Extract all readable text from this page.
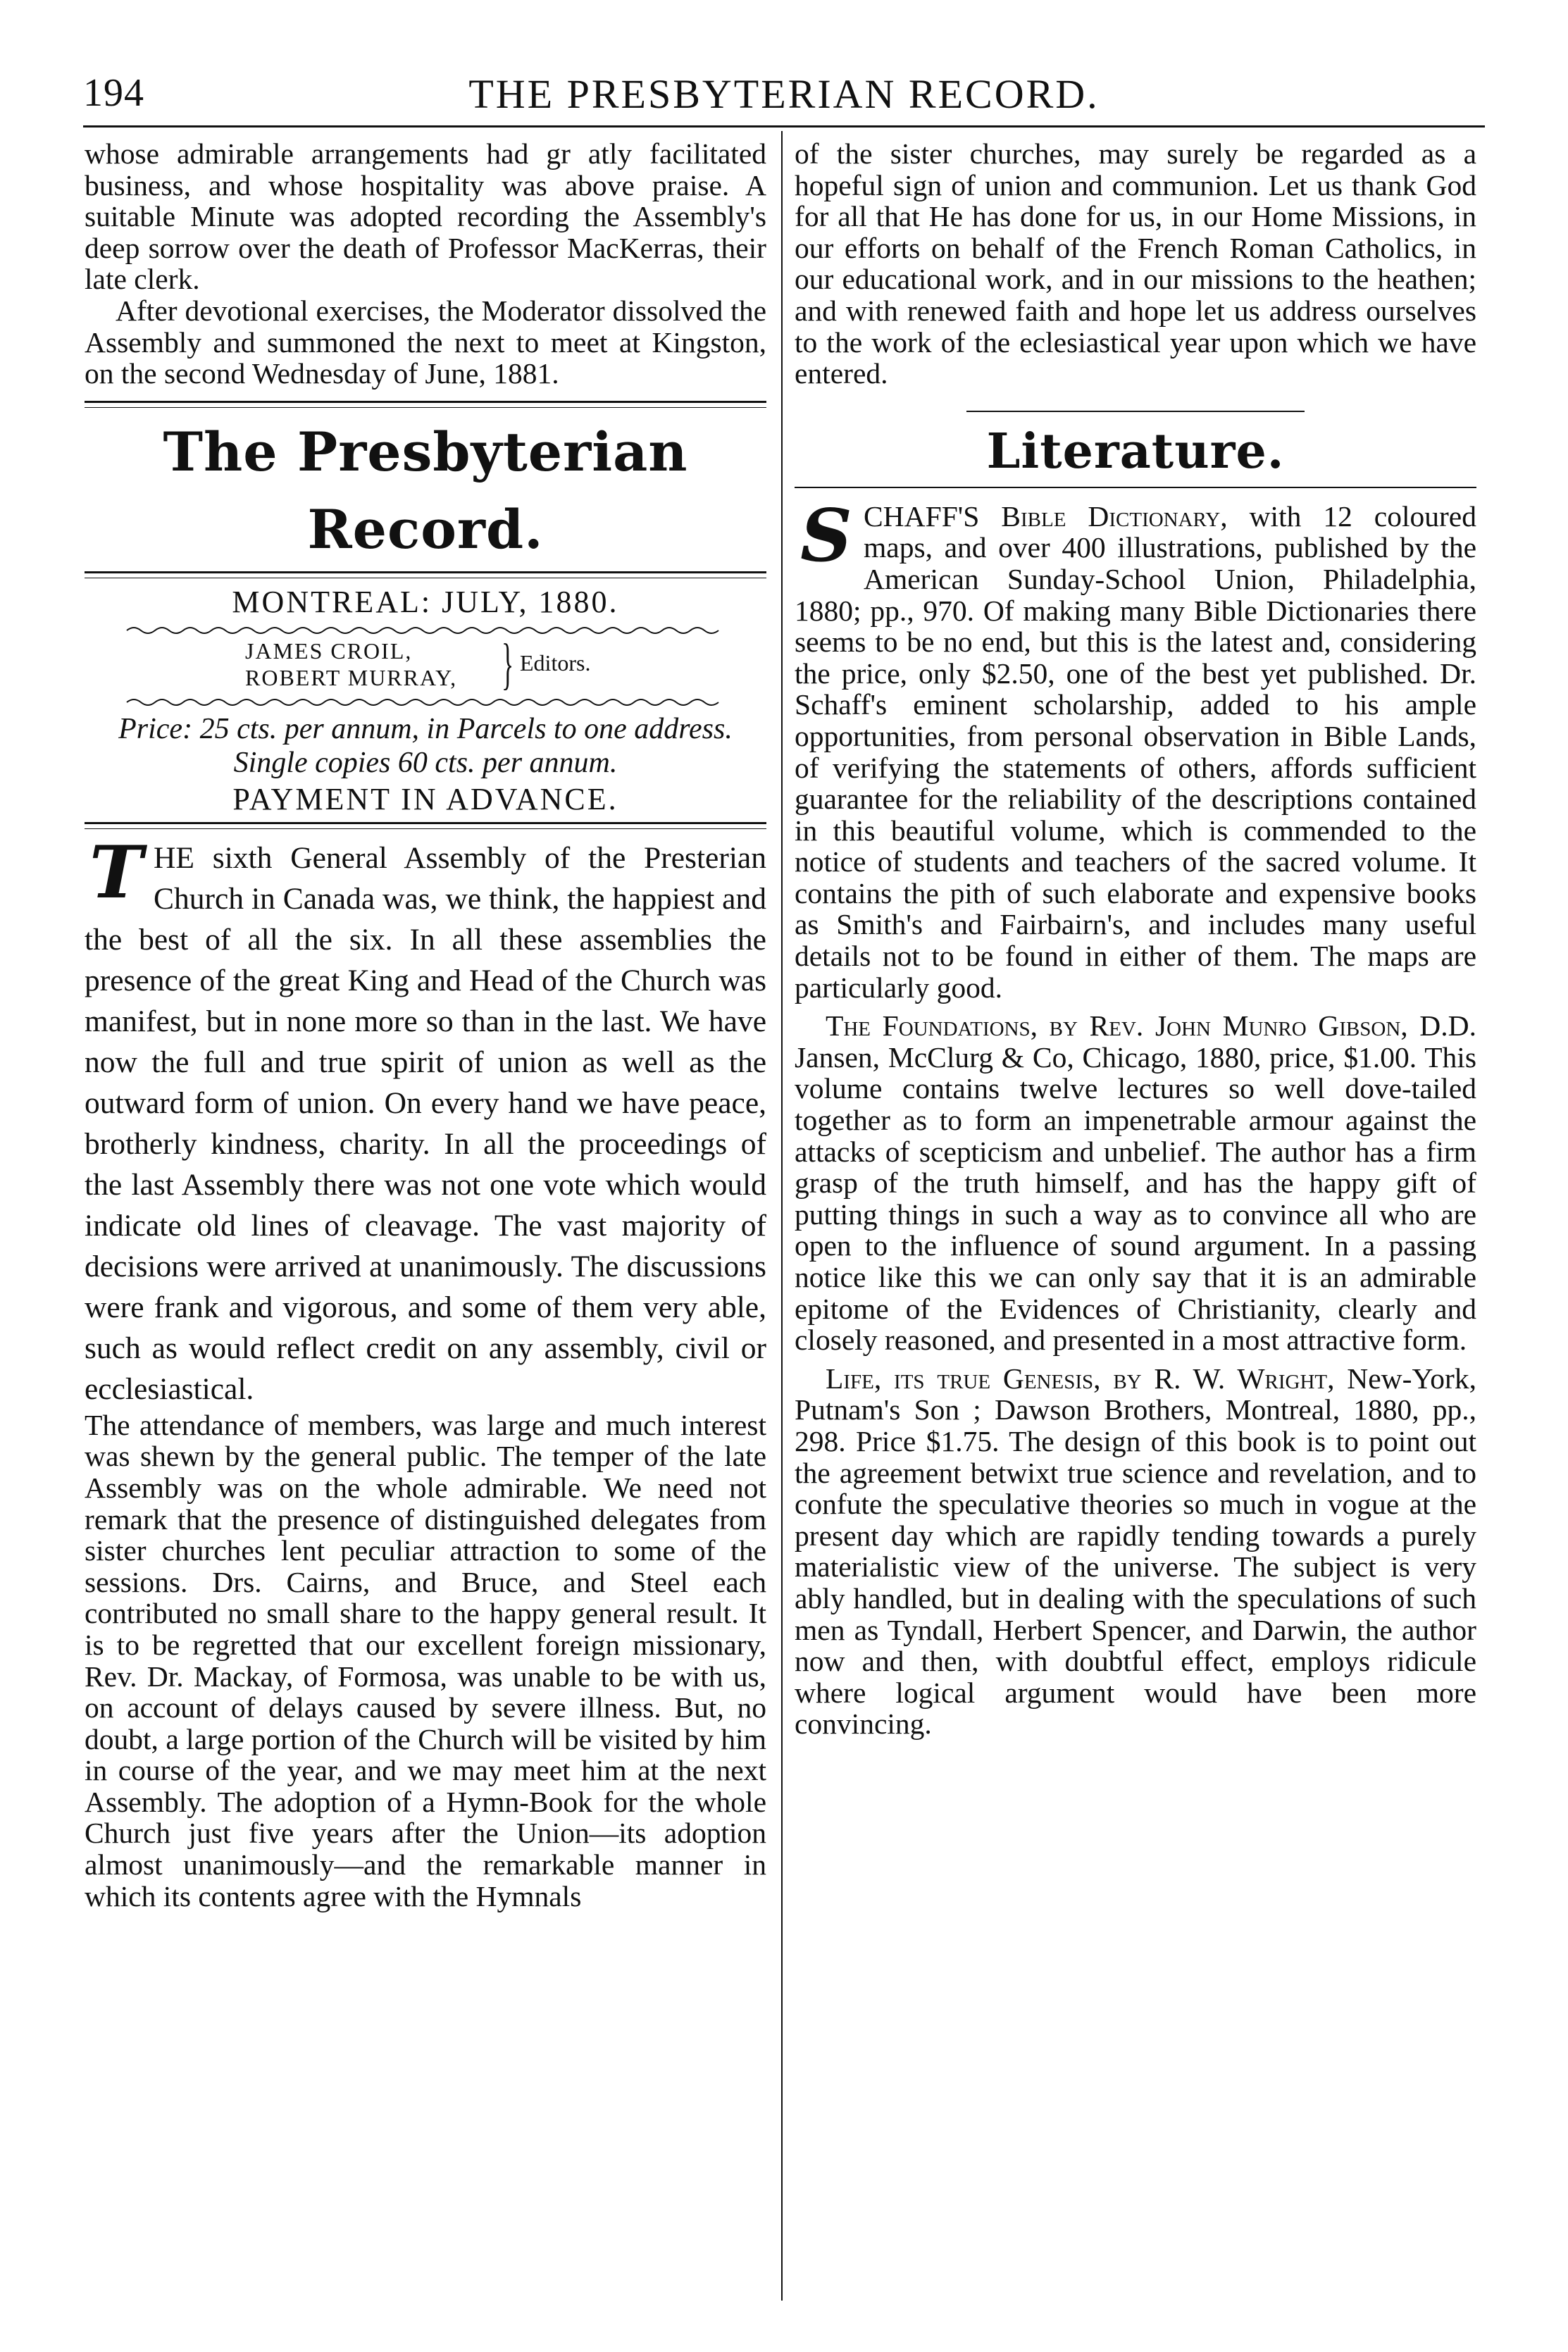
194	THE PRESBYTERIAN RECORD.

whose admirable arrangements had gr atly facilitated business, and whose hospitality was above praise. A suitable Minute was adopted recording the Assembly's deep sorrow over the death of Professor MacKerras, their late clerk.

After devotional exercises, the Moderator dissolved the Assembly and summoned the next to meet at Kingston, on the second Wednesday of June, 1881.

The Presbyterian Record.
MONTREAL: JULY, 1880.
JAMES CROIL,
ROBERT MURRAY, } Editors.

Price: 25 cts. per annum, in Parcels to one address. Single copies 60 cts. per annum.

PAYMENT IN ADVANCE.
T HE sixth General Assembly of the Presterian Church in Canada was, we think, the happiest and the best of all the six. In all these assemblies the presence of the great King and Head of the Church was manifest, but in none more so than in the last. We have now the full and true spirit of union as well as the outward form of union. On every hand we have peace, brotherly kindness, charity. In all the proceedings of the last Assembly there was not one vote which would indicate old lines of cleavage. The vast majority of decisions were arrived at unanimously. The discussions were frank and vigorous, and some of them very able, such as would reflect credit on any assembly, civil or ecclesiastical.

The attendance of members, was large and much interest was shewn by the general public. The temper of the late Assembly was on the whole admirable. We need not remark that the presence of distinguished delegates from sister churches lent peculiar attraction to some of the sessions. Drs. Cairns, and Bruce, and Steel each contributed no small share to the happy general result. It is to be regretted that our excellent foreign missionary, Rev. Dr. Mackay, of Formosa, was unable to be with us, on account of delays caused by severe illness. But, no doubt, a large portion of the Church will be visited by him in course of the year, and we may meet him at the next Assembly. The adoption of a Hymn-Book for the whole Church just five years after the Union—its adoption almost unanimously—and the remarkable manner in which its contents agree with the Hymnals

of the sister churches, may surely be regarded as a hopeful sign of union and communion. Let us thank God for all that He has done for us, in our Home Missions, in our efforts on behalf of the French Roman Catholics, in our educational work, and in our missions to the heathen; and with renewed faith and hope let us address ourselves to the work of the eclesiastical year upon which we have entered.

Literature.
S CHAFF'S Bible Dictionary, with 12 coloured maps, and over 400 illustrations, published by the American Sunday-School Union, Philadelphia, 1880; pp., 970. Of making many Bible Dictionaries there seems to be no end, but this is the latest and, considering the price, only $2.50, one of the best yet published. Dr. Schaff's eminent scholarship, added to his ample opportunities, from personal observation in Bible Lands, of verifying the statements of others, affords sufficient guarantee for the reliability of the descriptions contained in this beautiful volume, which is commended to the notice of students and teachers of the sacred volume. It contains the pith of such elaborate and expensive books as Smith's and Fairbairn's, and includes many useful details not to be found in either of them. The maps are particularly good.

The Foundations, by Rev. John Munro Gibson, D.D. Jansen, McClurg & Co, Chicago, 1880, price, $1.00. This volume contains twelve lectures so well dove-tailed together as to form an impenetrable armour against the attacks of scepticism and unbelief. The author has a firm grasp of the truth himself, and has the happy gift of putting things in such a way as to convince all who are open to the influence of sound argument. In a passing notice like this we can only say that it is an admirable epitome of the Evidences of Christianity, clearly and closely reasoned, and presented in a most attractive form.

Life, its true Genesis, by R. W. Wright, New-York, Putnam's Son ; Dawson Brothers, Montreal, 1880, pp., 298. Price $1.75. The design of this book is to point out the agreement betwixt true science and revelation, and to confute the speculative theories so much in vogue at the present day which are rapidly tending towards a purely materialistic view of the universe. The subject is very ably handled, but in dealing with the speculations of such men as Tyndall, Herbert Spencer, and Darwin, the author now and then, with doubtful effect, employs ridicule where logical argument would have been more convincing.
